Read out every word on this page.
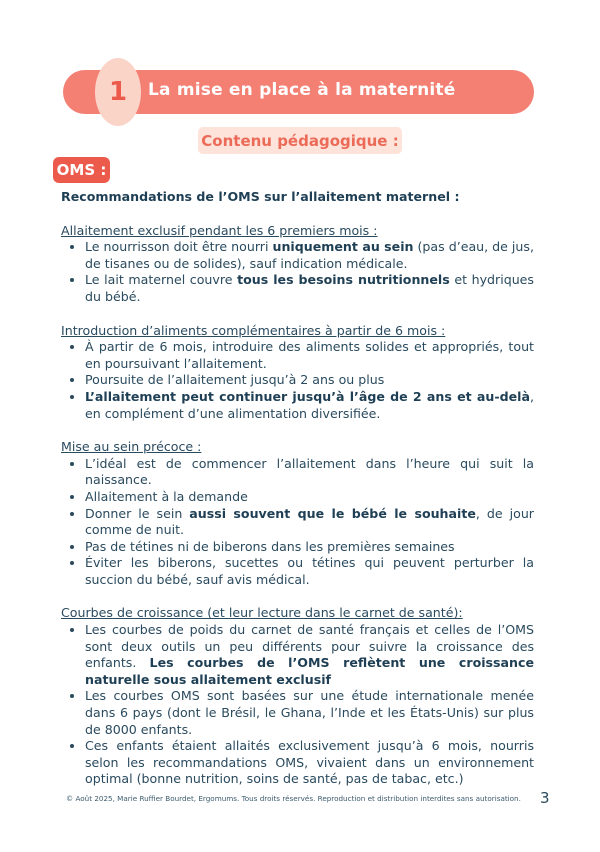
1	La mise en place à la maternité
Contenu pédagogique :
OMS :

Recommandations de l’OMS sur l’allaitement maternel :

Allaitement exclusif pendant les 6 premiers mois :

• Le nourrisson doit être nourri uniquement au sein (pas d’eau, de jus, de tisanes ou de solides), sauf indication médicale.
• Le lait maternel couvre tous les besoins nutritionnels et hydriques du bébé.

Introduction d’aliments complémentaires à partir de 6 mois :

• À partir de 6 mois, introduire des aliments solides et appropriés, tout en poursuivant l’allaitement.
• Poursuite de l’allaitement jusqu’à 2 ans ou plus
• L’allaitement peut continuer jusqu’à l’âge de 2 ans et au-delà, en complément d’une alimentation diversifiée.

Mise au sein précoce :

• L’idéal est de commencer l’allaitement dans l’heure qui suit la naissance.
• Allaitement à la demande
• Donner le sein aussi souvent que le bébé le souhaite, de jour comme de nuit.
• Pas de tétines ni de biberons dans les premières semaines
• Éviter les biberons, sucettes ou tétines qui peuvent perturber la succion du bébé, sauf avis médical.

Courbes de croissance (et leur lecture dans le carnet de santé):

• Les courbes de poids du carnet de santé français et celles de l’OMS sont deux outils un peu différents pour suivre la croissance des enfants. Les courbes de l’OMS reflètent une croissance naturelle sous allaitement exclusif
• Les courbes OMS sont basées sur une étude internationale menée dans 6 pays (dont le Brésil, le Ghana, l’Inde et les États-Unis) sur plus de 8000 enfants.
• Ces enfants étaient allaités exclusivement jusqu’à 6 mois, nourris selon les recommandations OMS, vivaient dans un environnement optimal (bonne nutrition, soins de santé, pas de tabac, etc.)
© Août 2025, Marie Ruffier Bourdet, Ergomums. Tous droits réservés. Reproduction et distribution interdites sans autorisation. 3
